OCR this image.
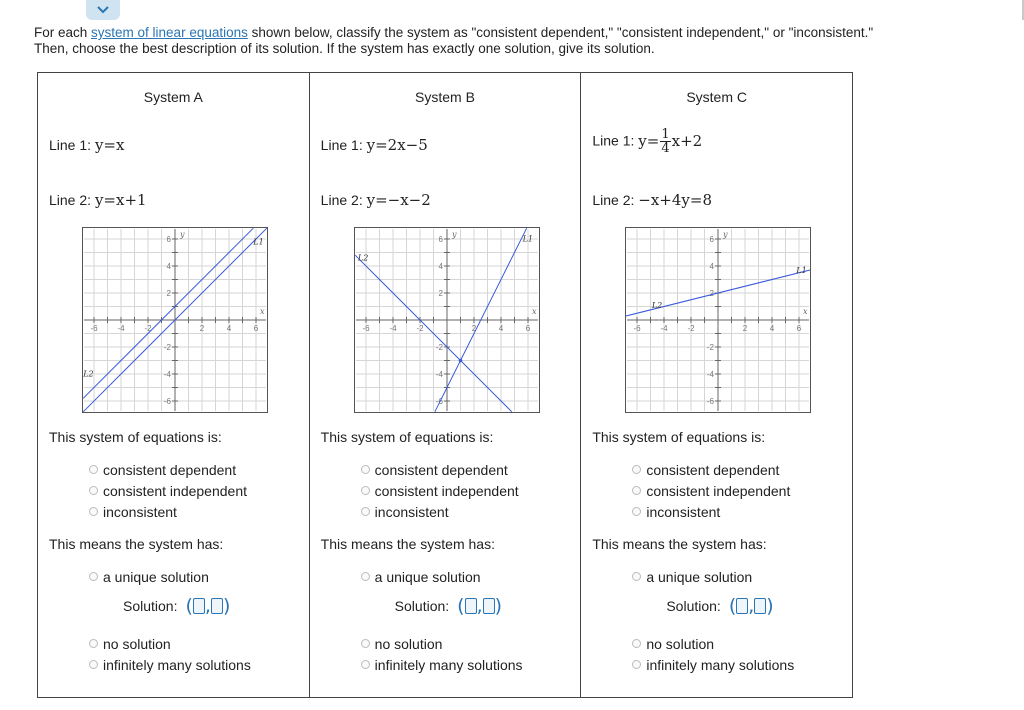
For each system of linear equations shown below, classify the system as "consistent dependent," "consistent independent," or "inconsistent."
Then, choose the best description of its solution. If the system has exactly one solution, give its solution.
System A
Line 1: y=x
Line 2: y=x+1
-6 -4 -2	2	4	6
6
4
2
-2
-4
-6
x
y
L1
L2
This system of equations is:
consistent dependent
consistent independent
inconsistent
This means the system has:
a unique solution
Solution: ( , )
no solution
infinitely many solutions
System B
Line 1: y=2x−5
Line 2: y=−x−2
-6 -4 -2	2	4	6
6
4
2
-2
-4
-6
x
y
L1
L2
This system of equations is:
consistent dependent
consistent independent
inconsistent
This means the system has:
a unique solution
Solution: ( , )
no solution
infinitely many solutions
System C
Line 1: $y= \frac{1}{4} x+2$
Line 2: −x+4y=8
-6 -4 -2	2	4	6
6
4
2
-2
-4
-6
x
y
L1
L2
This system of equations is:
consistent dependent
consistent independent
inconsistent
This means the system has:
a unique solution
Solution: ( , )
no solution
infinitely many solutions
